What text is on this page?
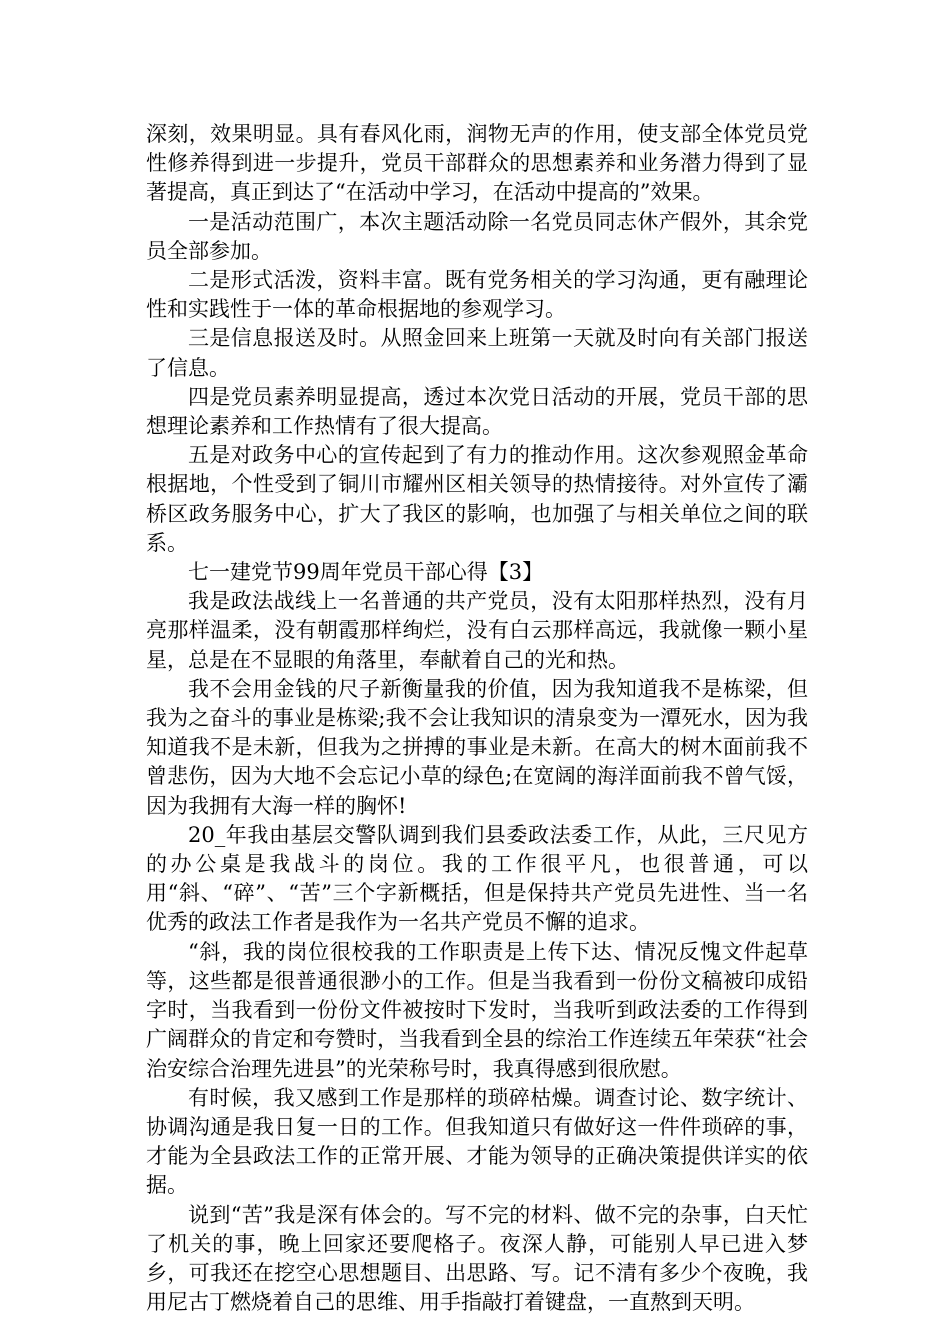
深刻，效果明显。具有春风化雨，润物无声的作用，使支部全体党员党性修养得到进一步提升，党员干部群众的思想素养和业务潜力得到了显著提高，真正到达了“在活动中学习，在活动中提高的”效果。

一是活动范围广，本次主题活动除一名党员同志休产假外，其余党员全部参加。

二是形式活泼，资料丰富。既有党务相关的学习沟通，更有融理论性和实践性于一体的革命根据地的参观学习。

三是信息报送及时。从照金回来上班第一天就及时向有关部门报送了信息。

四是党员素养明显提高，透过本次党日活动的开展，党员干部的思想理论素养和工作热情有了很大提高。

五是对政务中心的宣传起到了有力的推动作用。这次参观照金革命根据地，个性受到了铜川市耀州区相关领导的热情接待。对外宣传了灞桥区政务服务中心，扩大了我区的影响，也加强了与相关单位之间的联系。

七一建党节99周年党员干部心得【3】

我是政法战线上一名普通的共产党员，没有太阳那样热烈，没有月亮那样温柔，没有朝霞那样绚烂，没有白云那样高远，我就像一颗小星星，总是在不显眼的角落里，奉献着自己的光和热。

我不会用金钱的尺子新衡量我的价值，因为我知道我不是栋梁，但我为之奋斗的事业是栋梁;我不会让我知识的清泉变为一潭死水，因为我知道我不是未新，但我为之拼搏的事业是未新。在高大的树木面前我不曾悲伤，因为大地不会忘记小草的绿色;在宽阔的海洋面前我不曾气馁，因为我拥有大海一样的胸怀!

20_年我由基层交警队调到我们县委政法委工作，从此，三尺见方的办公桌是我战斗的岗位。我的工作很平凡，也很普通，可以用“斜、“碎”、“苦”三个字新概括，但是保持共产党员先进性、当一名优秀的政法工作者是我作为一名共产党员不懈的追求。

“斜，我的岗位很校我的工作职责是上传下达、情况反愧文件起草等，这些都是很普通很渺小的工作。但是当我看到一份份文稿被印成铅字时，当我看到一份份文件被按时下发时，当我听到政法委的工作得到广阔群众的肯定和夸赞时，当我看到全县的综治工作连续五年荣获“社会治安综合治理先进县”的光荣称号时，我真得感到很欣慰。

有时候，我又感到工作是那样的琐碎枯燥。调查讨论、数字统计、协调沟通是我日复一日的工作。但我知道只有做好这一件件琐碎的事，才能为全县政法工作的正常开展、才能为领导的正确决策提供详实的依据。

说到“苦”我是深有体会的。写不完的材料、做不完的杂事，白天忙了机关的事，晚上回家还要爬格子。夜深人静，可能别人早已进入梦乡，可我还在挖空心思想题目、出思路、写。记不清有多少个夜晚，我用尼古丁燃烧着自己的思维、用手指敲打着键盘，一直熬到天明。
